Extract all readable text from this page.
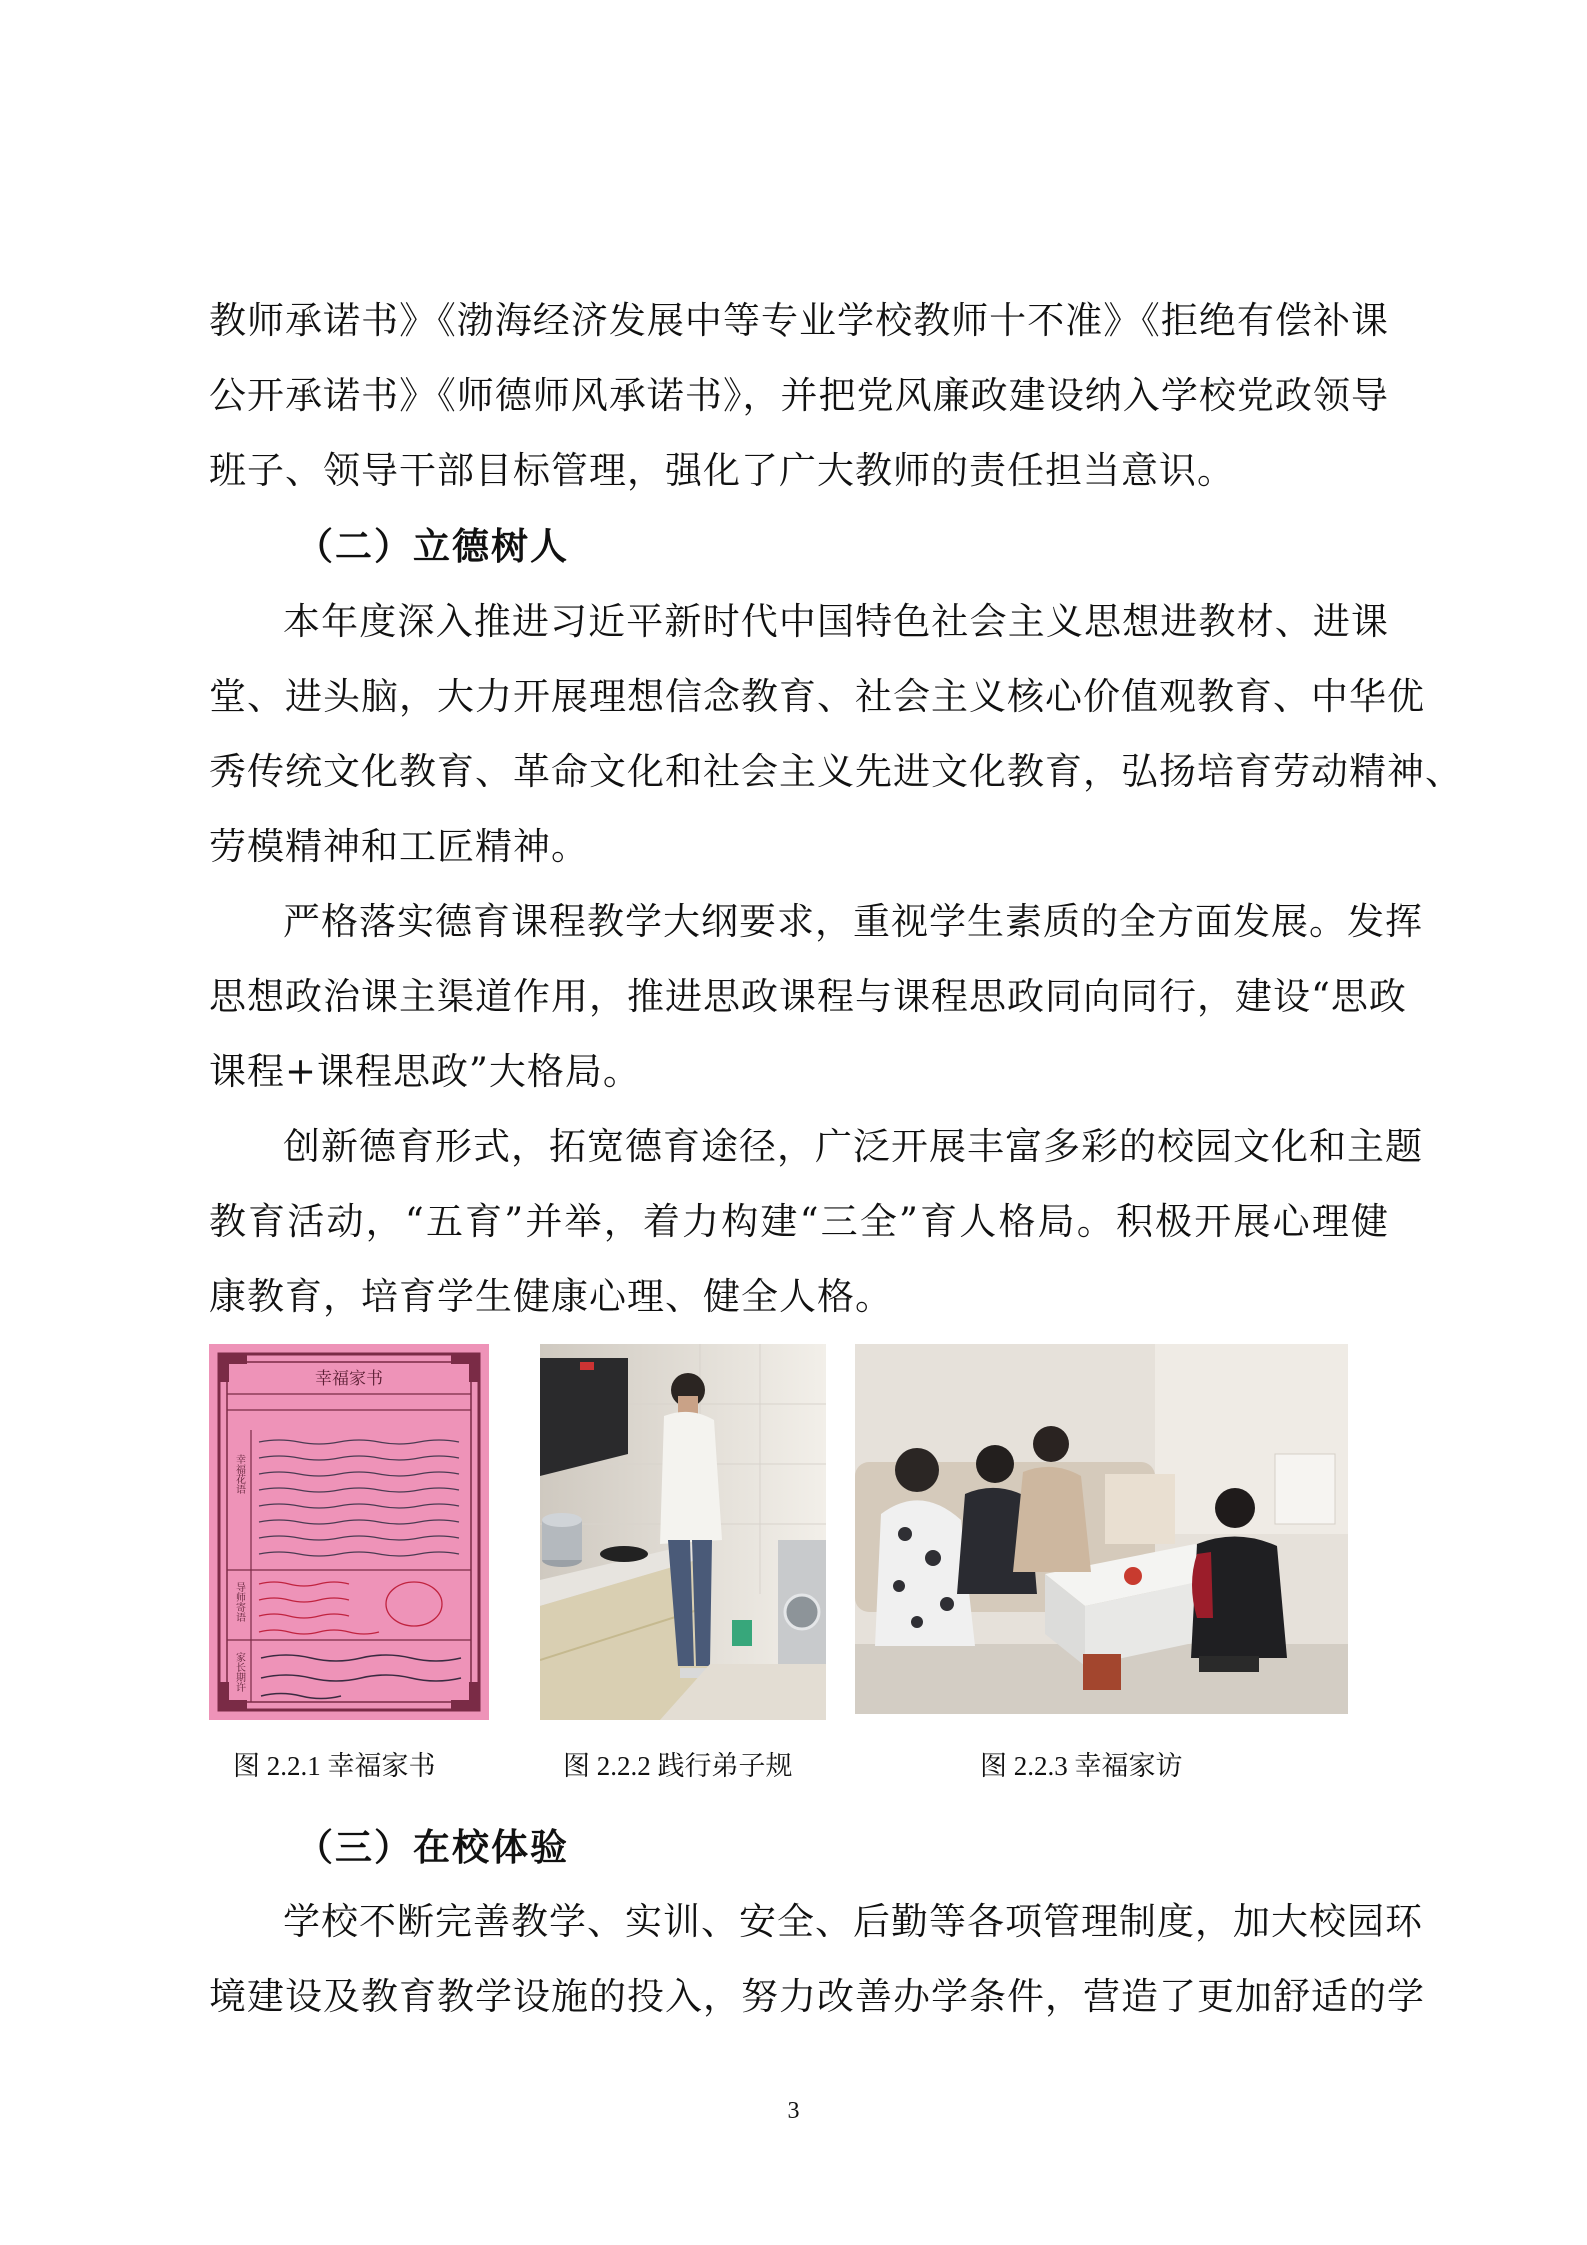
教师承诺书》《渤海经济发展中等专业学校教师十不准》《拒绝有偿补课
公开承诺书》《师德师风承诺书》，并把党风廉政建设纳入学校党政领导
班子、领导干部目标管理，强化了广大教师的责任担当意识。
（二）立德树人
本年度深入推进习近平新时代中国特色社会主义思想进教材、进课
堂、进头脑，大力开展理想信念教育、社会主义核心价值观教育、中华优
秀传统文化教育、革命文化和社会主义先进文化教育，弘扬培育劳动精神、
劳模精神和工匠精神。
严格落实德育课程教学大纲要求，重视学生素质的全方面发展。发挥
思想政治课主渠道作用，推进思政课程与课程思政同向同行，建设“思政
课程+课程思政”大格局。
创新德育形式，拓宽德育途径，广泛开展丰富多彩的校园文化和主题
教育活动，“五育”并举，着力构建“三全”育人格局。积极开展心理健
康教育，培育学生健康心理、健全人格。
幸福家书
幸福花语
导师寄语
家长期许
图 2.2.1 幸福家书	图 2.2.2 践行弟子规	图 2.2.3 幸福家访
（三）在校体验
学校不断完善教学、实训、安全、后勤等各项管理制度，加大校园环
境建设及教育教学设施的投入，努力改善办学条件，营造了更加舒适的学
3
